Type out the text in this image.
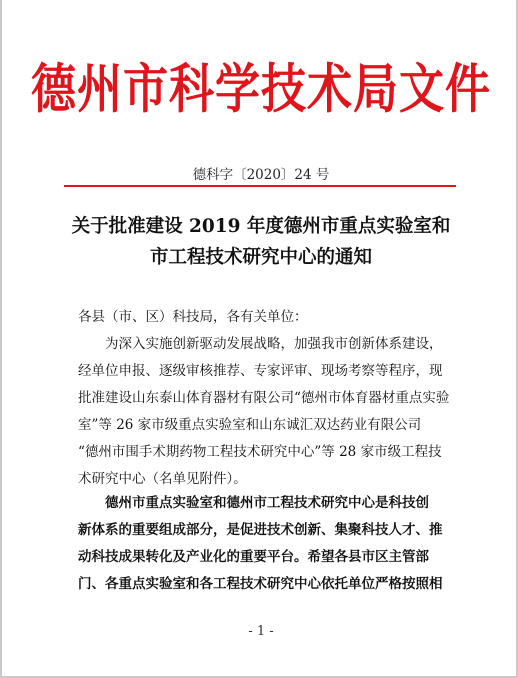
德州市科学技术局文件
德科字〔2020〕24 号
关于批准建设 2019 年度德州市重点实验室和
市工程技术研究中心的通知
各县（市、区）科技局，各有关单位：
　　为深入实施创新驱动发展战略，加强我市创新体系建设，
经单位申报、逐级审核推荐、专家评审、现场考察等程序，现
批准建设山东泰山体育器材有限公司“德州市体育器材重点实验
室”等 26 家市级重点实验室和山东诚汇双达药业有限公司
“德州市围手术期药物工程技术研究中心”等 28 家市级工程技
术研究中心（名单见附件）。
　　德州市重点实验室和德州市工程技术研究中心是科技创
新体系的重要组成部分，是促进技术创新、集聚科技人才、推
动科技成果转化及产业化的重要平台。希望各县市区主管部
门、各重点实验室和各工程技术研究中心依托单位严格按照相
- 1 -
